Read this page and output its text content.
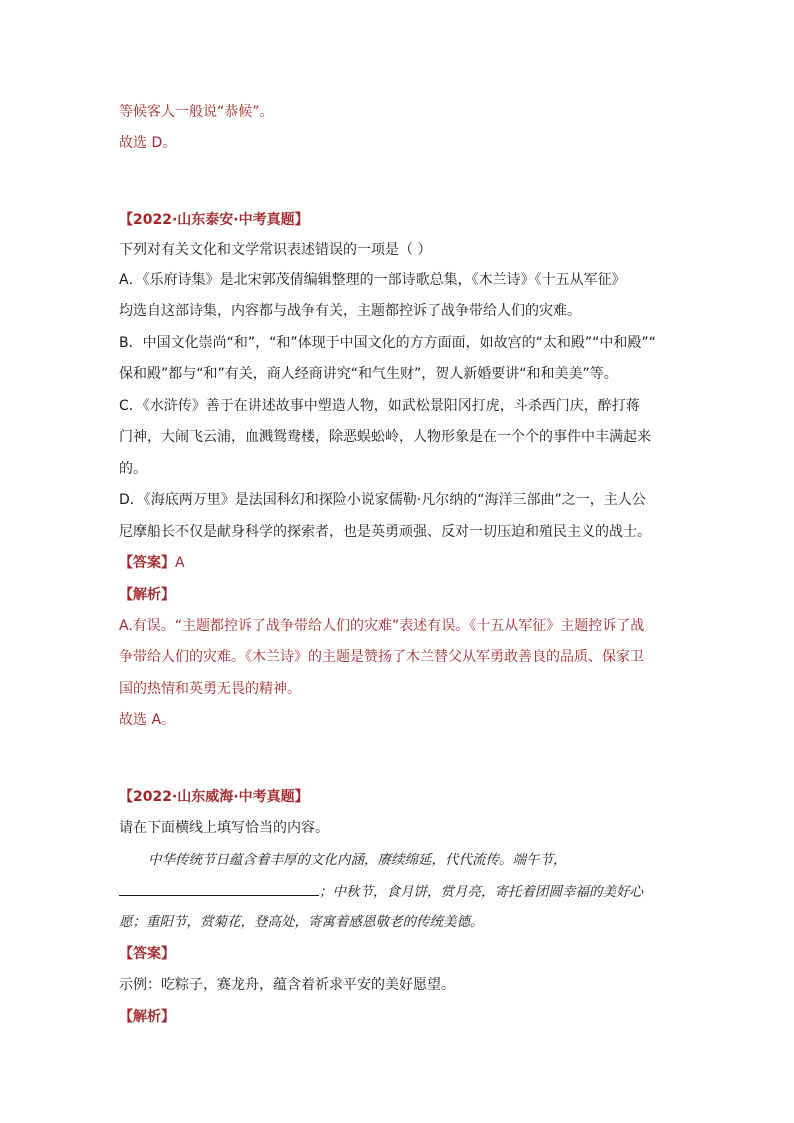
等候客人一般说“恭候”。
故选 D。
【2022·山东泰安·中考真题】
下列对有关文化和文学常识表述错误的一项是（ ）
A．《乐府诗集》是北宋郭茂倩编辑整理的一部诗歌总集，《木兰诗》《十五从军征》
均选自这部诗集，内容都与战争有关，主题都控诉了战争带给人们的灾难。
B．中国文化崇尚“和”，“和”体现于中国文化的方方面面，如故宫的“太和殿”“中和殿”“
保和殿”都与“和”有关，商人经商讲究“和气生财”，贺人新婚要讲“和和美美”等。
C．《水浒传》善于在讲述故事中塑造人物，如武松景阳冈打虎，斗杀西门庆，醉打蒋
门神，大闹飞云浦，血溅鸳鸯楼，除恶蜈蚣岭，人物形象是在一个个的事件中丰满起来
的。
D．《海底两万里》是法国科幻和探险小说家儒勒·凡尔纳的“海洋三部曲”之一，主人公
尼摩船长不仅是献身科学的探索者，也是英勇顽强、反对一切压迫和殖民主义的战士。
【答案】A
【解析】
A.有误。“主题都控诉了战争带给人们的灾难”表述有误。《十五从军征》主题控诉了战
争带给人们的灾难。《木兰诗》的主题是赞扬了木兰替父从军勇敢善良的品质、保家卫
国的热情和英勇无畏的精神。
故选 A。
【2022·山东威海·中考真题】
请在下面横线上填写恰当的内容。
中华传统节日蕴含着丰厚的文化内涵，赓续绵延，代代流传。端午节，
；中秋节，食月饼，赏月亮，寄托着团圆幸福的美好心
愿；重阳节，赏菊花，登高处，寄寓着感恩敬老的传统美德。
【答案】
示例：吃粽子，赛龙舟，蕴含着祈求平安的美好愿望。
【解析】
